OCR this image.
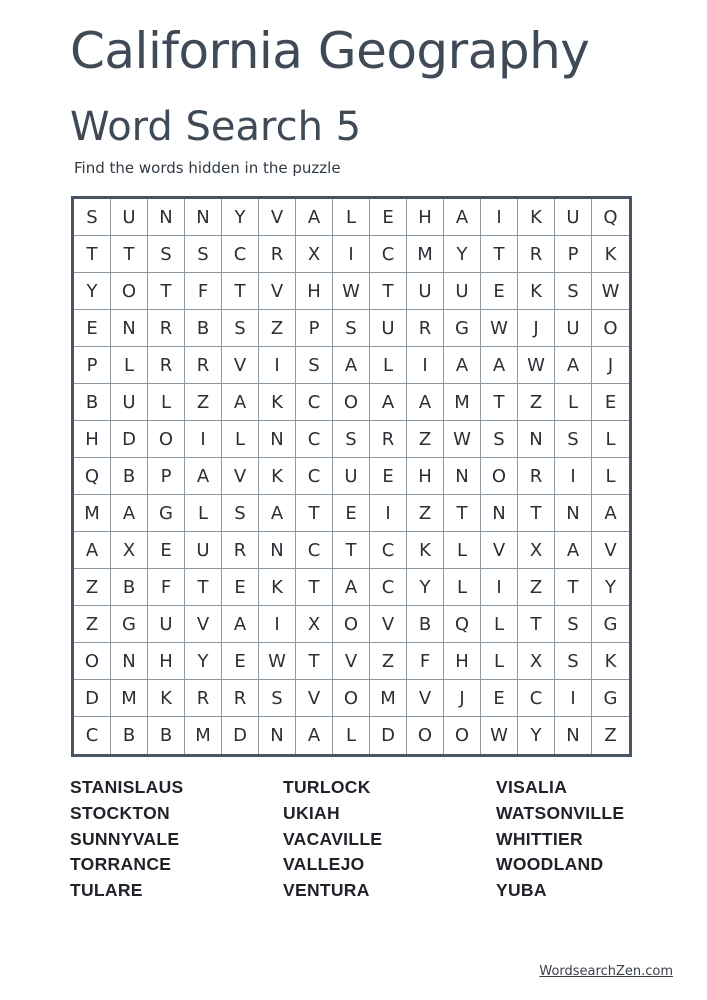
California Geography
Word Search 5
Find the words hidden in the puzzle
S	U	N	N	Y	V	A	L	E	H	A	I	K	U	Q
T	T	S	S	C	R	X	I	C	M	Y	T	R	P	K
Y	O	T	F	T	V	H	W	T	U	U	E	K	S	W
E	N	R	B	S	Z	P	S	U	R	G	W	J	U	O
P	L	R	R	V	I	S	A	L	I	A	A	W	A	J
B	U	L	Z	A	K	C	O	A	A	M	T	Z	L	E
H	D	O	I	L	N	C	S	R	Z	W	S	N	S	L
Q	B	P	A	V	K	C	U	E	H	N	O	R	I	L
M	A	G	L	S	A	T	E	I	Z	T	N	T	N	A
A	X	E	U	R	N	C	T	C	K	L	V	X	A	V
Z	B	F	T	E	K	T	A	C	Y	L	I	Z	T	Y
Z	G	U	V	A	I	X	O	V	B	Q	L	T	S	G
O	N	H	Y	E	W	T	V	Z	F	H	L	X	S	K
D	M	K	R	R	S	V	O	M	V	J	E	C	I	G
C	B	B	M	D	N	A	L	D	O	O	W	Y	N	Z
STANISLAUS
STOCKTON
SUNNYVALE
TORRANCE
TULARE
TURLOCK
UKIAH
VACAVILLE
VALLEJO
VENTURA
VISALIA
WATSONVILLE
WHITTIER
WOODLAND
YUBA
WordsearchZen.com
